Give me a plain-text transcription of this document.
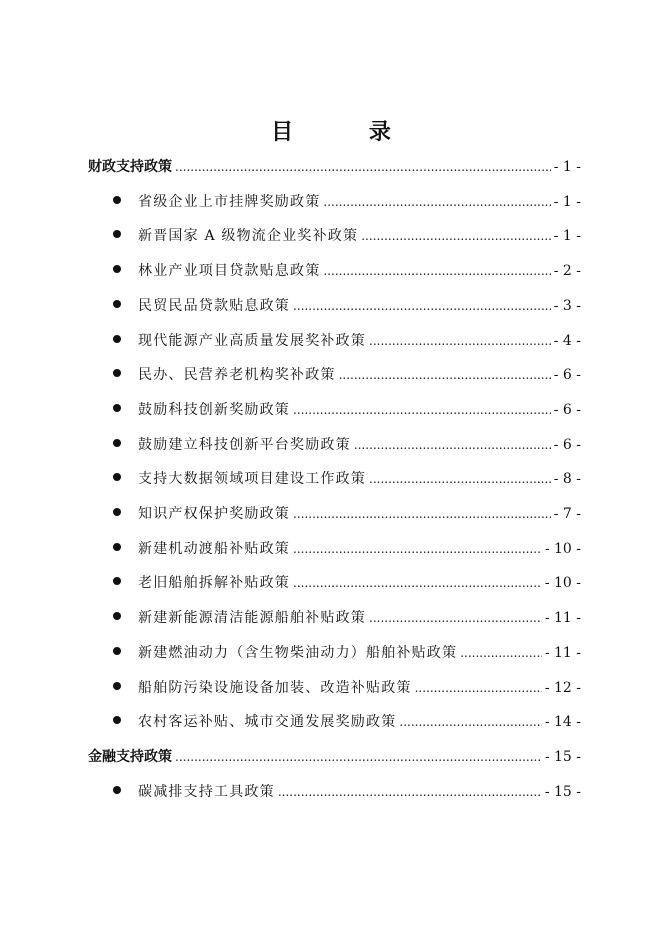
目 录
财政支持政策 .....	- 1 -
省级企业上市挂牌奖励政策 .....	- 1 -
新晋国家 A 级物流企业奖补政策 .....	- 1 -
林业产业项目贷款贴息政策 .....	- 2 -
民贸民品贷款贴息政策 .....	- 3 -
现代能源产业高质量发展奖补政策 .....	- 4 -
民办、民营养老机构奖补政策 .....	- 6 -
鼓励科技创新奖励政策 .....	- 6 -
鼓励建立科技创新平台奖励政策 .....	- 6 -
支持大数据领域项目建设工作政策 .....	- 8 -
知识产权保护奖励政策 .....	- 7 -
新建机动渡船补贴政策 .....	- 10 -
老旧船舶拆解补贴政策 .....	- 10 -
新建新能源清洁能源船舶补贴政策 .....	- 11 -
新建燃油动力（含生物柴油动力）船舶补贴政策 .....	- 11 -
船舶防污染设施设备加装、改造补贴政策 .....	- 12 -
农村客运补贴、城市交通发展奖励政策 .....	- 14 -
金融支持政策 .....	- 15 -
碳减排支持工具政策 .....	- 15 -
